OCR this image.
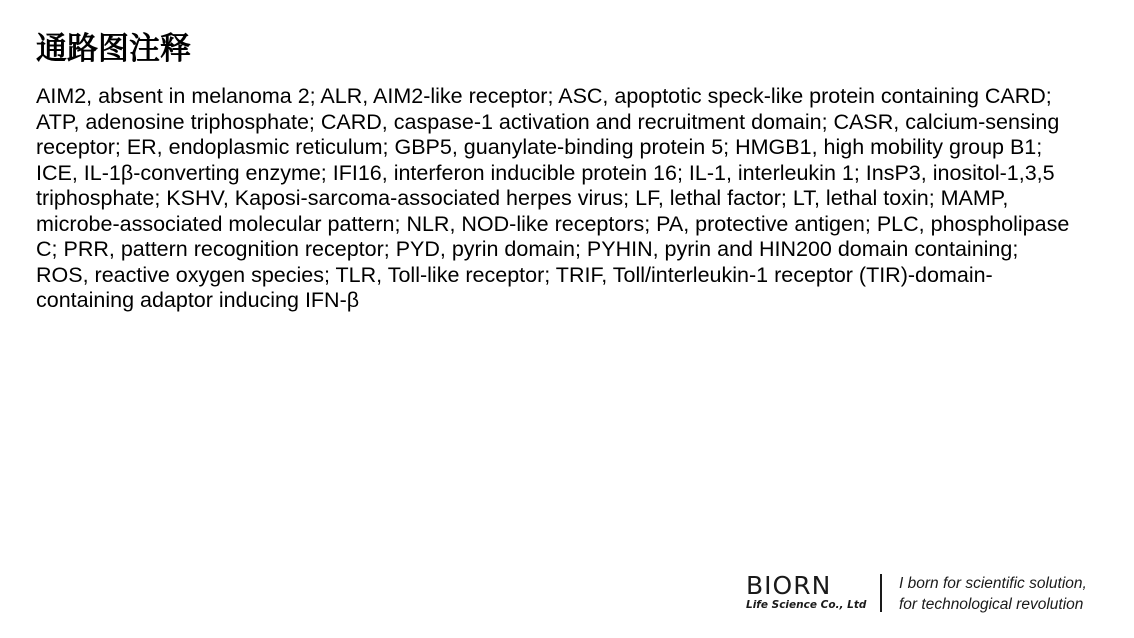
通路图注释
AIM2, absent in melanoma 2; ALR, AIM2-like receptor; ASC, apoptotic speck-like protein containing CARD; ATP, adenosine triphosphate; CARD, caspase-1 activation and recruitment domain; CASR, calcium-sensing receptor; ER, endoplasmic reticulum; GBP5, guanylate-binding protein 5; HMGB1, high mobility group B1; ICE, IL-1β-converting enzyme; IFI16, interferon inducible protein 16; IL-1, interleukin 1; InsP3, inositol-1,3,5 triphosphate; KSHV, Kaposi-sarcoma-associated herpes virus; LF, lethal factor; LT, lethal toxin; MAMP, microbe-associated molecular pattern; NLR, NOD-like receptors; PA, protective antigen; PLC, phospholipase C; PRR, pattern recognition receptor; PYD, pyrin domain; PYHIN, pyrin and HIN200 domain containing; ROS, reactive oxygen species; TLR, Toll-like receptor; TRIF, Toll/interleukin-1 receptor (TIR)-domain-containing adaptor inducing IFN-β
BIORN
Life Science Co., Ltd
I born for scientific solution,
for technological revolution
